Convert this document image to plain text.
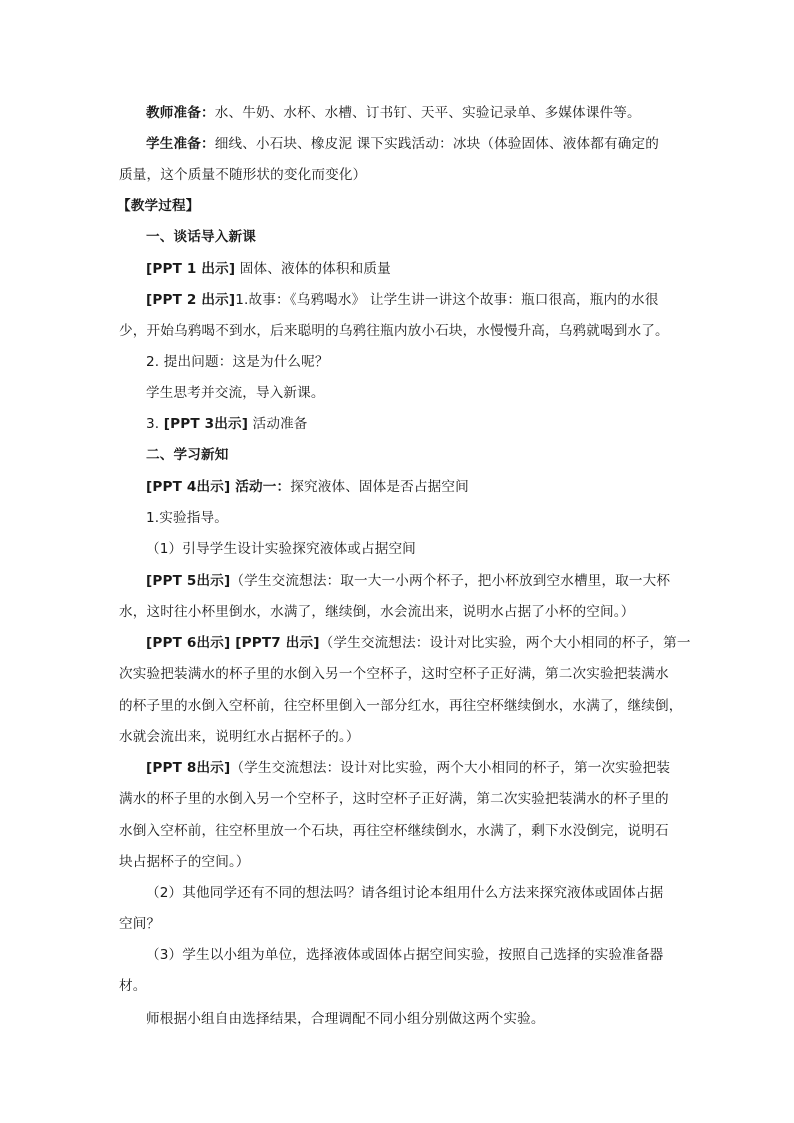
教师准备：水、牛奶、水杯、水槽、订书钉、天平、实验记录单、多媒体课件等。
学生准备：细线、小石块、橡皮泥 课下实践活动：冰块（体验固体、液体都有确定的
质量，这个质量不随形状的变化而变化）
【教学过程】
一、谈话导入新课
[PPT 1 出示] 固体、液体的体积和质量
[PPT 2 出示]1.故事：《乌鸦喝水》 让学生讲一讲这个故事：瓶口很高，瓶内的水很
少，开始乌鸦喝不到水，后来聪明的乌鸦往瓶内放小石块，水慢慢升高，乌鸦就喝到水了。
2. 提出问题：这是为什么呢？
学生思考并交流，导入新课。
3. [PPT 3出示] 活动准备
二、学习新知
[PPT 4出示] 活动一：探究液体、固体是否占据空间
1.实验指导。
（1）引导学生设计实验探究液体或占据空间
[PPT 5出示]（学生交流想法：取一大一小两个杯子，把小杯放到空水槽里，取一大杯
水，这时往小杯里倒水，水满了，继续倒，水会流出来，说明水占据了小杯的空间。）
[PPT 6出示] [PPT7 出示]（学生交流想法：设计对比实验，两个大小相同的杯子，第一
次实验把装满水的杯子里的水倒入另一个空杯子，这时空杯子正好满，第二次实验把装满水
的杯子里的水倒入空杯前，往空杯里倒入一部分红水，再往空杯继续倒水，水满了，继续倒，
水就会流出来，说明红水占据杯子的。）
[PPT 8出示]（学生交流想法：设计对比实验，两个大小相同的杯子，第一次实验把装
满水的杯子里的水倒入另一个空杯子，这时空杯子正好满，第二次实验把装满水的杯子里的
水倒入空杯前，往空杯里放一个石块，再往空杯继续倒水，水满了，剩下水没倒完，说明石
块占据杯子的空间。）
（2）其他同学还有不同的想法吗？请各组讨论本组用什么方法来探究液体或固体占据
空间？
（3）学生以小组为单位，选择液体或固体占据空间实验，按照自己选择的实验准备器
材。
师根据小组自由选择结果，合理调配不同小组分别做这两个实验。
